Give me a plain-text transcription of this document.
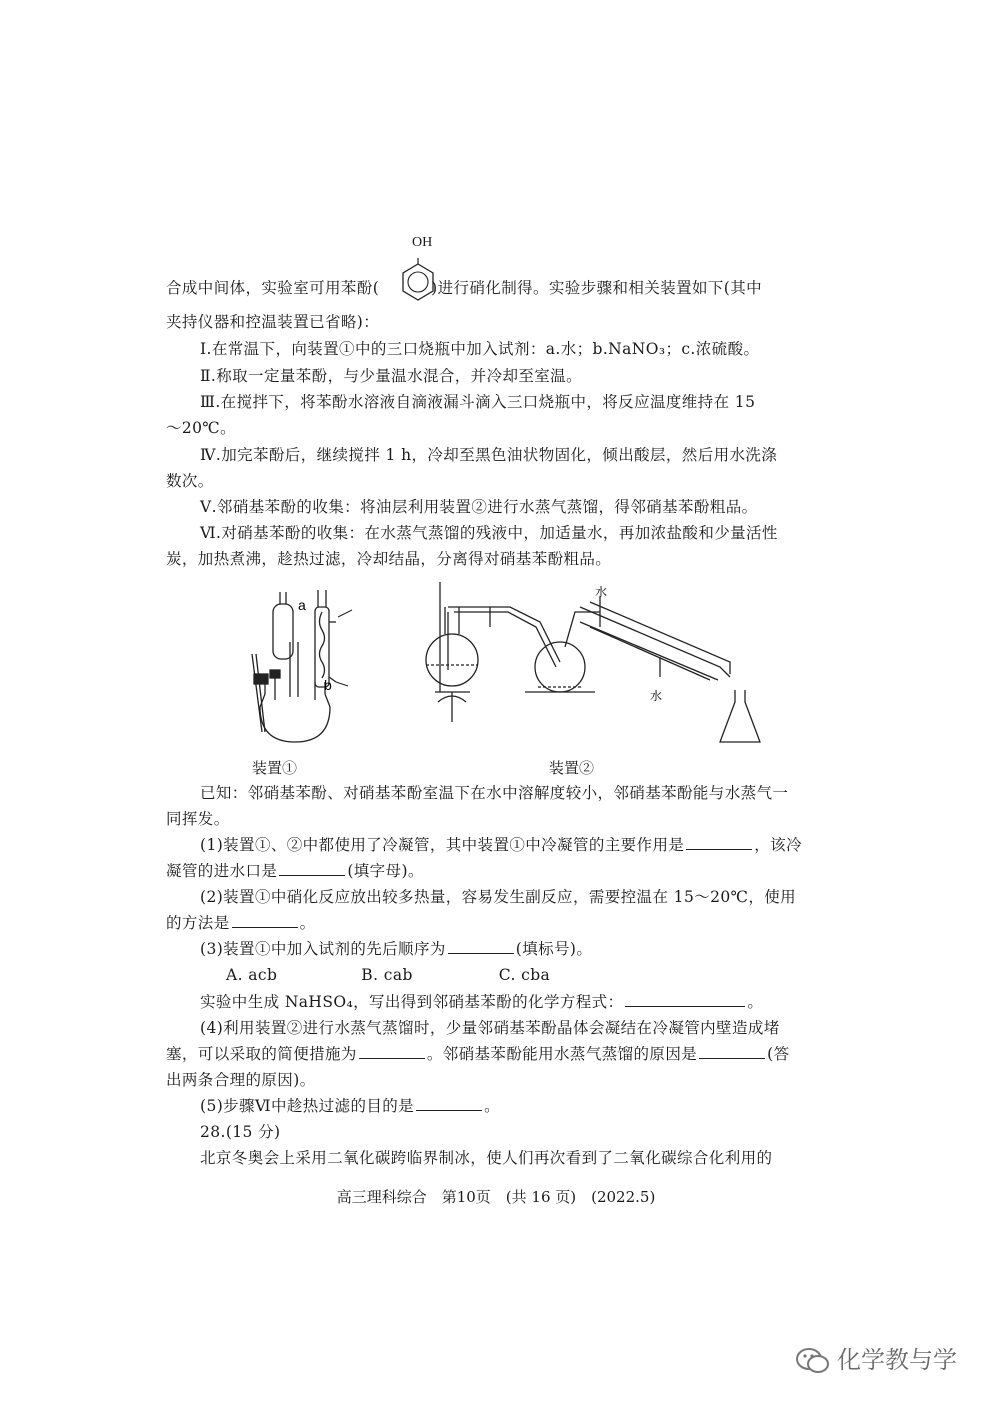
OH
合成中间体，实验室可用苯酚(	)进行硝化制得。实验步骤和相关装置如下(其中
夹持仪器和控温装置已省略)：
Ⅰ.在常温下，向装置①中的三口烧瓶中加入试剂：a.水；b.NaNO₃；c.浓硫酸。
Ⅱ.称取一定量苯酚，与少量温水混合，并冷却至室温。
Ⅲ.在搅拌下，将苯酚水溶液自滴液漏斗滴入三口烧瓶中，将反应温度维持在 15
～20℃。
Ⅳ.加完苯酚后，继续搅拌 1 h，冷却至黑色油状物固化，倾出酸层，然后用水洗涤
数次。
Ⅴ.邻硝基苯酚的收集：将油层利用装置②进行水蒸气蒸馏，得邻硝基苯酚粗品。
Ⅵ.对硝基苯酚的收集：在水蒸气蒸馏的残液中，加适量水，再加浓盐酸和少量活性
炭，加热煮沸，趁热过滤，冷却结晶，分离得对硝基苯酚粗品。
a
b
水
水
装置①	装置②
已知：邻硝基苯酚、对硝基苯酚室温下在水中溶解度较小，邻硝基苯酚能与水蒸气一
同挥发。
(1)装置①、②中都使用了冷凝管，其中装置①中冷凝管的主要作用是	，该冷
凝管的进水口是	(填字母)。
(2)装置①中硝化反应放出较多热量，容易发生副反应，需要控温在 15～20℃，使用
的方法是	。
(3)装置①中加入试剂的先后顺序为	(填标号)。
A. acb	B. cab	C. cba
实验中生成 NaHSO₄，写出得到邻硝基苯酚的化学方程式：	。
(4)利用装置②进行水蒸气蒸馏时，少量邻硝基苯酚晶体会凝结在冷凝管内壁造成堵
塞，可以采取的简便措施为	。邻硝基苯酚能用水蒸气蒸馏的原因是	(答
出两条合理的原因)。
(5)步骤Ⅵ中趁热过滤的目的是	。
28.(15 分)
北京冬奥会上采用二氧化碳跨临界制冰，使人们再次看到了二氧化碳综合化利用的
高三理科综合　第10页　(共 16 页)　(2022.5)
化学教与学
